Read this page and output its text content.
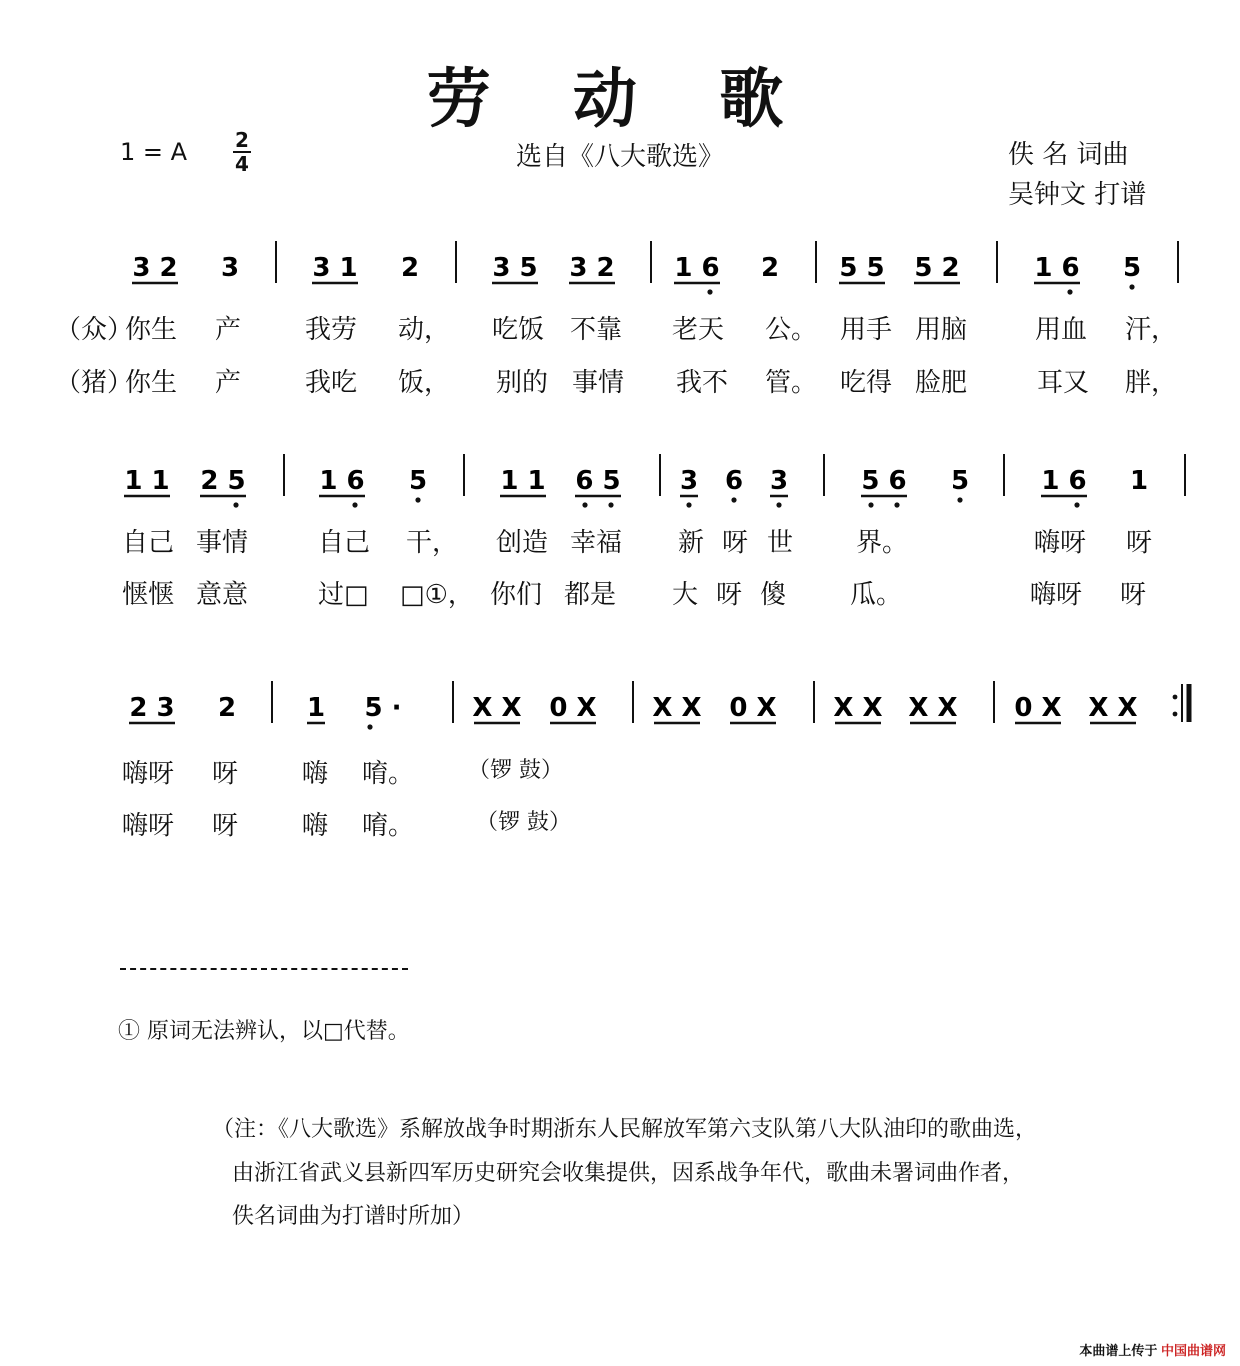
劳 动 歌
1 = A 2
4	选自《八大歌选》	佚 名 词曲
吴钟文 打谱
3 2 3	3 1 2	3 5 3 2 1 6 2 5 5 5 2	1 6 5
1 1 2 5	1 6 5	1 1 6 5 3 6 3	5 6 5	1 6 1
2 3 2	1 5 ·	X X 0 X X X 0 X X X X X 0 X X X
（众）
你生 产 我劳 动， 吃饭 不靠 老天 公。 用手 用脑	用血 汗，
（猪）
你生 产 我吃 饭， 别的 事情 我不 管。 吃得 脸肥	耳又 胖，
自己 事情	自己 干， 创造 幸福 新 呀 世 界。	嗨呀 呀
惬惬 意意	过□ □①， 你们 都是 大 呀 傻 瓜。	嗨呀 呀
嗨呀 呀 嗨 唷。 （锣 鼓）
嗨呀 呀 嗨 唷。	（锣 鼓）
① 原词无法辨认，以□代替。
（注：《八大歌选》系解放战争时期浙东人民解放军第六支队第八大队油印的歌曲选，
由浙江省武义县新四军历史研究会收集提供，因系战争年代，歌曲未署词曲作者，
佚名词曲为打谱时所加）
本曲谱上传于 中国曲谱网
